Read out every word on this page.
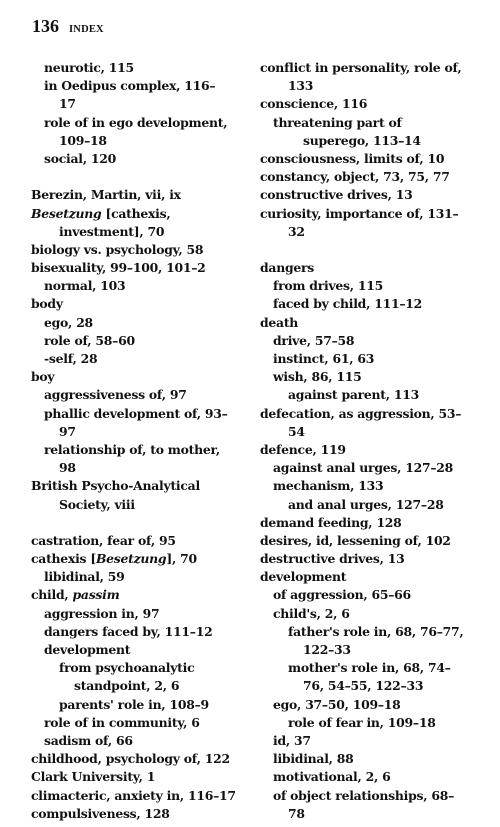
136 INDEX
neurotic, 115
in Oedipus complex, 116–
17
role of in ego development,
109–18
social, 120
Berezin, Martin, vii, ix
Besetzung [cathexis,
investment], 70
biology vs. psychology, 58
bisexuality, 99–100, 101–2
normal, 103
body
ego, 28
role of, 58–60
-self, 28
boy
aggressiveness of, 97
phallic development of, 93–
97
relationship of, to mother,
98
British Psycho-Analytical
Society, viii
castration, fear of, 95
cathexis [Besetzung], 70
libidinal, 59
child, passim
aggression in, 97
dangers faced by, 111–12
development
from psychoanalytic
standpoint, 2, 6
parents' role in, 108–9
role of in community, 6
sadism of, 66
childhood, psychology of, 122
Clark University, 1
climacteric, anxiety in, 116–17
compulsiveness, 128
conflict in personality, role of,
133
conscience, 116
threatening part of
superego, 113–14
consciousness, limits of, 10
constancy, object, 73, 75, 77
constructive drives, 13
curiosity, importance of, 131–
32
dangers
from drives, 115
faced by child, 111–12
death
drive, 57–58
instinct, 61, 63
wish, 86, 115
against parent, 113
defecation, as aggression, 53–
54
defence, 119
against anal urges, 127–28
mechanism, 133
and anal urges, 127–28
demand feeding, 128
desires, id, lessening of, 102
destructive drives, 13
development
of aggression, 65–66
child's, 2, 6
father's role in, 68, 76–77,
122–33
mother's role in, 68, 74–
76, 54–55, 122–33
ego, 37–50, 109–18
role of fear in, 109–18
id, 37
libidinal, 88
motivational, 2, 6
of object relationships, 68–
78
